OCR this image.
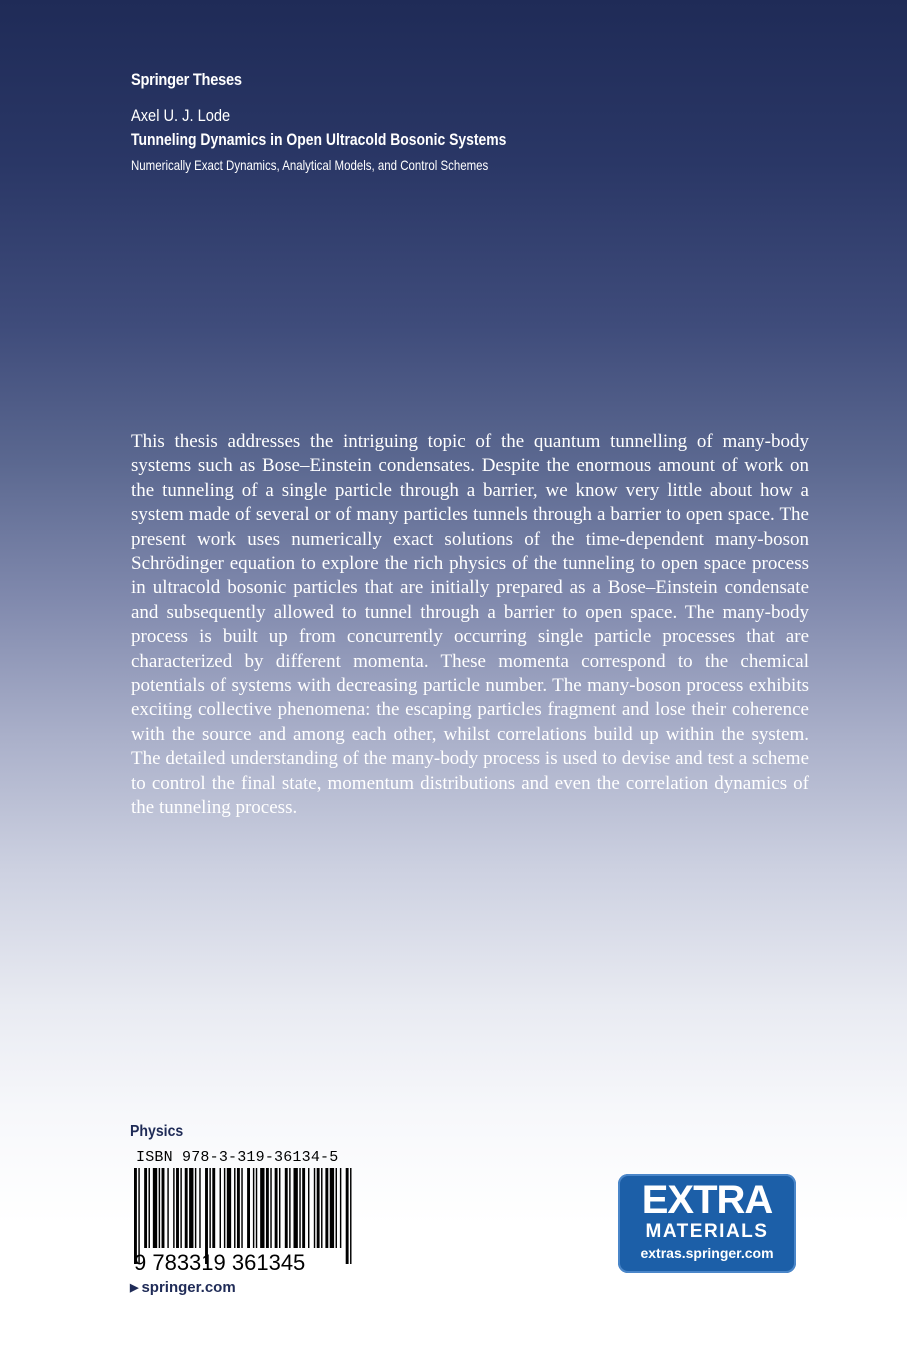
Springer Theses
Axel U. J. Lode
Tunneling Dynamics in Open Ultracold Bosonic Systems
Numerically Exact Dynamics, Analytical Models, and Control Schemes

This thesis addresses the intriguing topic of the quantum tunnelling of many-body systems such as Bose–Einstein condensates. Despite the enormous amount of work on the tunneling of a single particle through a barrier, we know very little about how a system made of several or of many particles tunnels through a barrier to open space. The present work uses numerically exact solutions of the time-dependent many-boson Schrödinger equation to explore the rich physics of the tunneling to open space process in ultracold bosonic particles that are initially prepared as a Bose–Einstein condensate and subsequently allowed to tunnel through a barrier to open space. The many-body process is built up from concurrently occurring single particle processes that are characterized by different momenta. These momenta correspond to the chemical potentials of systems with decreasing particle number. The many-boson process exhibits exciting collective phenomena: the escaping particles fragment and lose their coherence with the source and among each other, whilst correlations build up within the system. The detailed understanding of the many-body process is used to devise and test a scheme to control the final state, momentum distributions and even the correlation dynamics of the tunneling process.

Physics
ISBN 978-3-319-36134-5
9 783319 361345
▶ springer.com
EXTRA
MATERIALS
extras.springer.com
